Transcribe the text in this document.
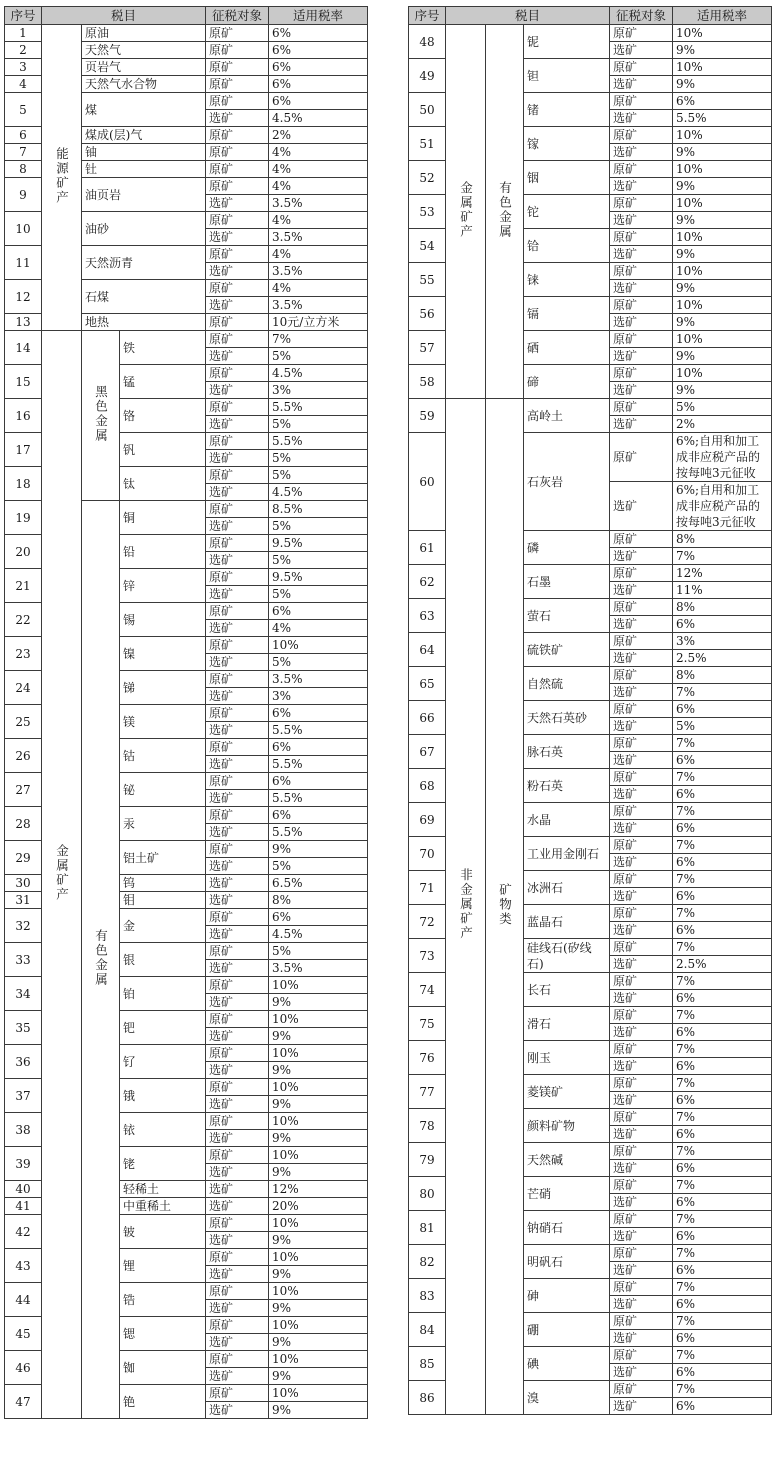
序号	税目			征税对象	适用税率
1	能源矿产	原油		原矿	6%
2		天然气		原矿	6%
3		页岩气		原矿	6%
4		天然气水合物		原矿	6%
5		煤		原矿	6%
				选矿	4.5%
6		煤成(层)气		原矿	2%
7		铀		原矿	4%
8		钍		原矿	4%
9		油页岩		原矿	4%
				选矿	3.5%
10		油砂		原矿	4%
				选矿	3.5%
11		天然沥青		原矿	4%
				选矿	3.5%
12		石煤		原矿	4%
				选矿	3.5%
13		地热		原矿	10元/立方米
14	金属矿产	黑色金属	铁	原矿	7%
				选矿	5%
15			锰	原矿	4.5%
				选矿	3%
16			铬	原矿	5.5%
				选矿	5%
17			钒	原矿	5.5%
				选矿	5%
18			钛	原矿	5%
				选矿	4.5%
19		有色金属	铜	原矿	8.5%
				选矿	5%
20			铅	原矿	9.5%
				选矿	5%
21			锌	原矿	9.5%
				选矿	5%
22			锡	原矿	6%
				选矿	4%
23			镍	原矿	10%
				选矿	5%
24			锑	原矿	3.5%
				选矿	3%
25			镁	原矿	6%
				选矿	5.5%
26			钴	原矿	6%
				选矿	5.5%
27			铋	原矿	6%
				选矿	5.5%
28			汞	原矿	6%
				选矿	5.5%
29			铝土矿	原矿	9%
				选矿	5%
30			钨	选矿	6.5%
31			钼	选矿	8%
32			金	原矿	6%
				选矿	4.5%
33			银	原矿	5%
				选矿	3.5%
34			铂	原矿	10%
				选矿	9%
35			钯	原矿	10%
				选矿	9%
36			钌	原矿	10%
				选矿	9%
37			锇	原矿	10%
				选矿	9%
38			铱	原矿	10%
				选矿	9%
39			铑	原矿	10%
				选矿	9%
40			轻稀土	选矿	12%
41			中重稀土	选矿	20%
42			铍	原矿	10%
				选矿	9%
43			锂	原矿	10%
				选矿	9%
44			锆	原矿	10%
				选矿	9%
45			锶	原矿	10%
				选矿	9%
46			铷	原矿	10%
				选矿	9%
47			铯	原矿	10%
				选矿	9%
序号	税目			征税对象	适用税率
48	金属矿产	有色金属	铌	原矿	10%
				选矿	9%
49			钽	原矿	10%
				选矿	9%
50			锗	原矿	6%
				选矿	5.5%
51			镓	原矿	10%
				选矿	9%
52			铟	原矿	10%
				选矿	9%
53			铊	原矿	10%
				选矿	9%
54			铪	原矿	10%
				选矿	9%
55			铼	原矿	10%
				选矿	9%
56			镉	原矿	10%
				选矿	9%
57			硒	原矿	10%
				选矿	9%
58			碲	原矿	10%
				选矿	9%
59	非金属矿产	矿物类	高岭土	原矿	5%
				选矿	2%
60			石灰岩	原矿	6%;自用和加工成非应税产品的按每吨3元征收
				选矿	6%;自用和加工成非应税产品的按每吨3元征收
61			磷	原矿	8%
				选矿	7%
62			石墨	原矿	12%
				选矿	11%
63			萤石	原矿	8%
				选矿	6%
64			硫铁矿	原矿	3%
				选矿	2.5%
65			自然硫	原矿	8%
				选矿	7%
66			天然石英砂	原矿	6%
				选矿	5%
67			脉石英	原矿	7%
				选矿	6%
68			粉石英	原矿	7%
				选矿	6%
69			水晶	原矿	7%
				选矿	6%
70			工业用金刚石	原矿	7%
				选矿	6%
71			冰洲石	原矿	7%
				选矿	6%
72			蓝晶石	原矿	7%
				选矿	6%
73			硅线石(矽线石)	原矿	7%
				选矿	2.5%
74			长石	原矿	7%
				选矿	6%
75			滑石	原矿	7%
				选矿	6%
76			刚玉	原矿	7%
				选矿	6%
77			菱镁矿	原矿	7%
				选矿	6%
78			颜料矿物	原矿	7%
				选矿	6%
79			天然碱	原矿	7%
				选矿	6%
80			芒硝	原矿	7%
				选矿	6%
81			钠硝石	原矿	7%
				选矿	6%
82			明矾石	原矿	7%
				选矿	6%
83			砷	原矿	7%
				选矿	6%
84			硼	原矿	7%
				选矿	6%
85			碘	原矿	7%
				选矿	6%
86			溴	原矿	7%
				选矿	6%
